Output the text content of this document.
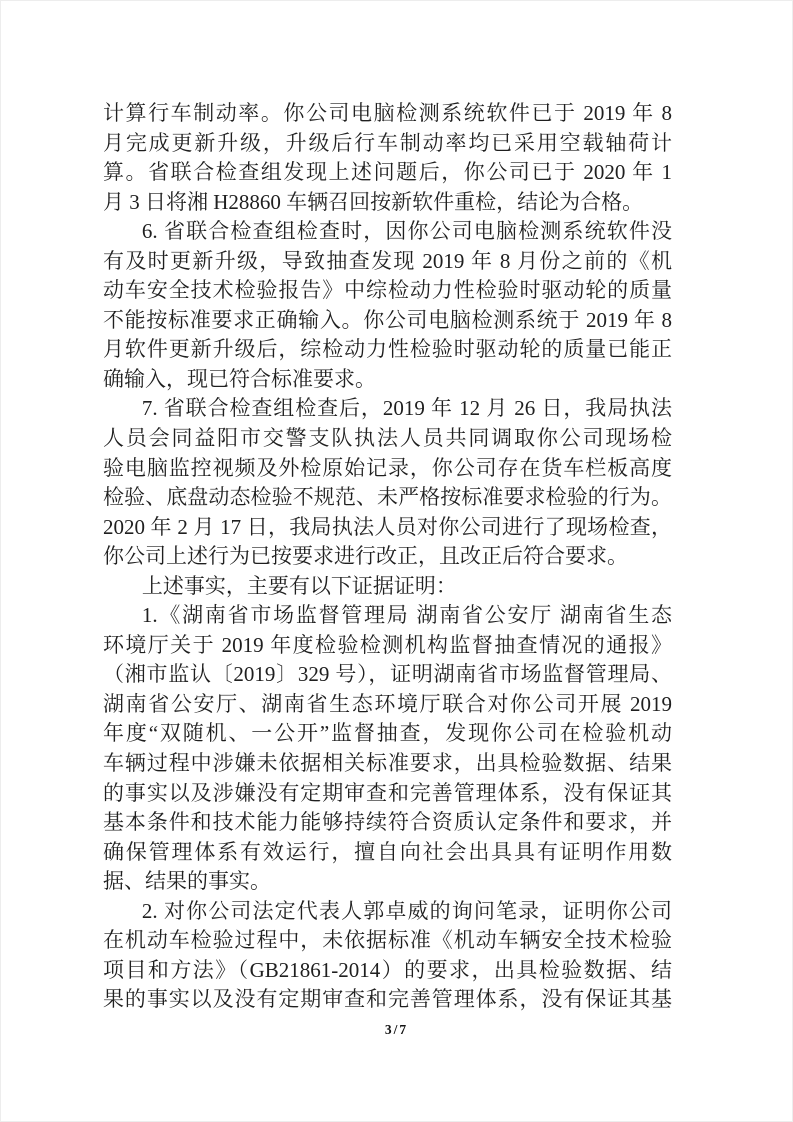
计算行车制动率。你公司电脑检测系统软件已于 2019 年 8
月完成更新升级，升级后行车制动率均已采用空载轴荷计
算。省联合检查组发现上述问题后，你公司已于 2020 年 1
月 3 日将湘 H28860 车辆召回按新软件重检，结论为合格。
6. 省联合检查组检查时，因你公司电脑检测系统软件没
有及时更新升级，导致抽查发现 2019 年 8 月份之前的《机
动车安全技术检验报告》中综检动力性检验时驱动轮的质量
不能按标准要求正确输入。你公司电脑检测系统于 2019 年 8
月软件更新升级后，综检动力性检验时驱动轮的质量已能正
确输入，现已符合标准要求。
7. 省联合检查组检查后，2019 年 12 月 26 日，我局执法
人员会同益阳市交警支队执法人员共同调取你公司现场检
验电脑监控视频及外检原始记录，你公司存在货车栏板高度
检验、底盘动态检验不规范、未严格按标准要求检验的行为。
2020 年 2 月 17 日，我局执法人员对你公司进行了现场检查，
你公司上述行为已按要求进行改正，且改正后符合要求。
上述事实，主要有以下证据证明：
1.《湖南省市场监督管理局 湖南省公安厅 湖南省生态
环境厅关于 2019 年度检验检测机构监督抽查情况的通报》
（湘市监认〔2019〕329 号），证明湖南省市场监督管理局、
湖南省公安厅、湖南省生态环境厅联合对你公司开展 2019
年度“双随机、一公开”监督抽查，发现你公司在检验机动
车辆过程中涉嫌未依据相关标准要求，出具检验数据、结果
的事实以及涉嫌没有定期审查和完善管理体系，没有保证其
基本条件和技术能力能够持续符合资质认定条件和要求，并
确保管理体系有效运行，擅自向社会出具具有证明作用数
据、结果的事实。
2. 对你公司法定代表人郭卓威的询问笔录，证明你公司
在机动车检验过程中，未依据标准《机动车辆安全技术检验
项目和方法》（GB21861-2014）的要求，出具检验数据、结
果的事实以及没有定期审查和完善管理体系，没有保证其基
3/7
